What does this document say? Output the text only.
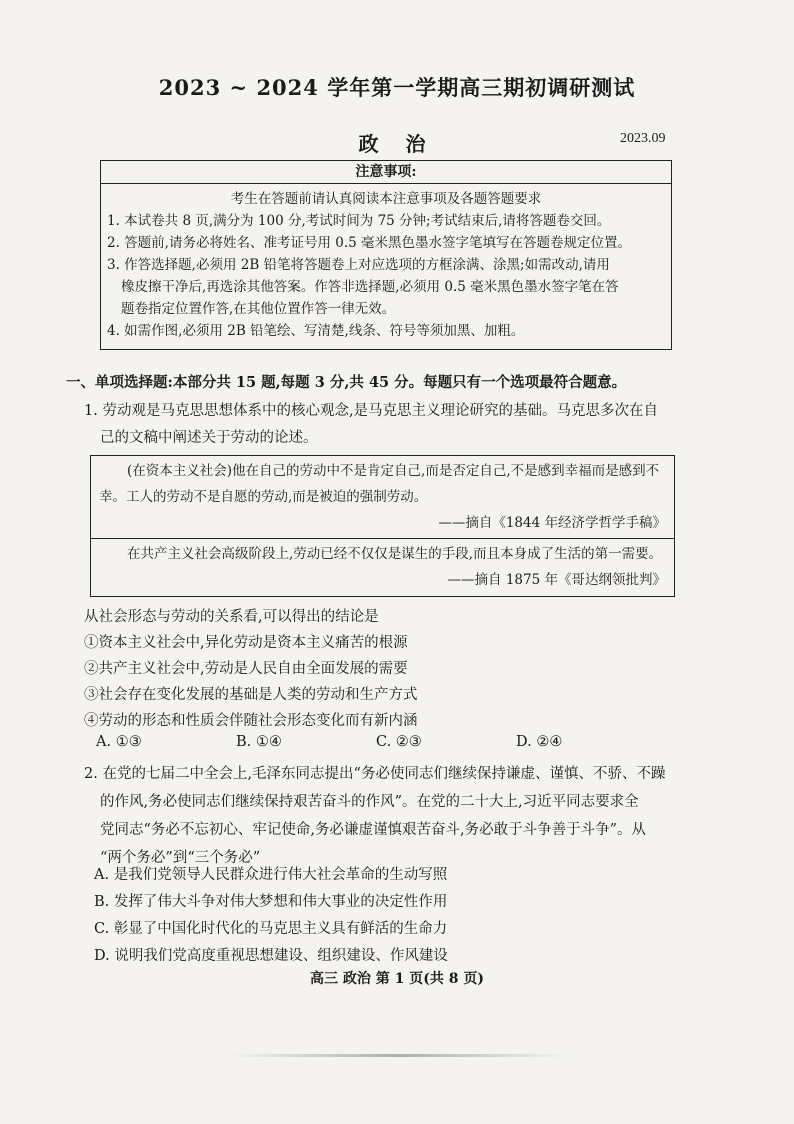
2023 ~ 2024 学年第一学期高三期初调研测试
政 治	2023.09
注意事项:
考生在答题前请认真阅读本注意事项及各题答题要求
1. 本试卷共 8 页,满分为 100 分,考试时间为 75 分钟;考试结束后,请将答题卷交回。
2. 答题前,请务必将姓名、准考证号用 0.5 毫米黑色墨水签字笔填写在答题卷规定位置。
3. 作答选择题,必须用 2B 铅笔将答题卷上对应选项的方框涂满、涂黑;如需改动,请用
橡皮擦干净后,再选涂其他答案。作答非选择题,必须用 0.5 毫米黑色墨水签字笔在答
题卷指定位置作答,在其他位置作答一律无效。
4. 如需作图,必须用 2B 铅笔绘、写清楚,线条、符号等须加黑、加粗。
一、单项选择题:本部分共 15 题,每题 3 分,共 45 分。每题只有一个选项最符合题意。
1. 劳动观是马克思思想体系中的核心观念,是马克思主义理论研究的基础。马克思多次在自
己的文稿中阐述关于劳动的论述。
(在资本主义社会)他在自己的劳动中不是肯定自己,而是否定自己,不是感到幸福而是感到不幸。工人的劳动不是自愿的劳动,而是被迫的强制劳动。
——摘自《1844 年经济学哲学手稿》
在共产主义社会高级阶段上,劳动已经不仅仅是谋生的手段,而且本身成了生活的第一需要。
——摘自 1875 年《哥达纲领批判》
从社会形态与劳动的关系看,可以得出的结论是
①资本主义社会中,异化劳动是资本主义痛苦的根源
②共产主义社会中,劳动是人民自由全面发展的需要
③社会存在变化发展的基础是人类的劳动和生产方式
④劳动的形态和性质会伴随社会形态变化而有新内涵
A. ①③	B. ①④	C. ②③	D. ②④
2. 在党的七届二中全会上,毛泽东同志提出“务必使同志们继续保持谦虚、谨慎、不骄、不躁
的作风,务必使同志们继续保持艰苦奋斗的作风”。在党的二十大上,习近平同志要求全
党同志“务必不忘初心、牢记使命,务必谦虚谨慎艰苦奋斗,务必敢于斗争善于斗争”。从
“两个务必”到“三个务必”
A. 是我们党领导人民群众进行伟大社会革命的生动写照
B. 发挥了伟大斗争对伟大梦想和伟大事业的决定性作用
C. 彰显了中国化时代化的马克思主义具有鲜活的生命力
D. 说明我们党高度重视思想建设、组织建设、作风建设
高三 政治 第 1 页(共 8 页)
